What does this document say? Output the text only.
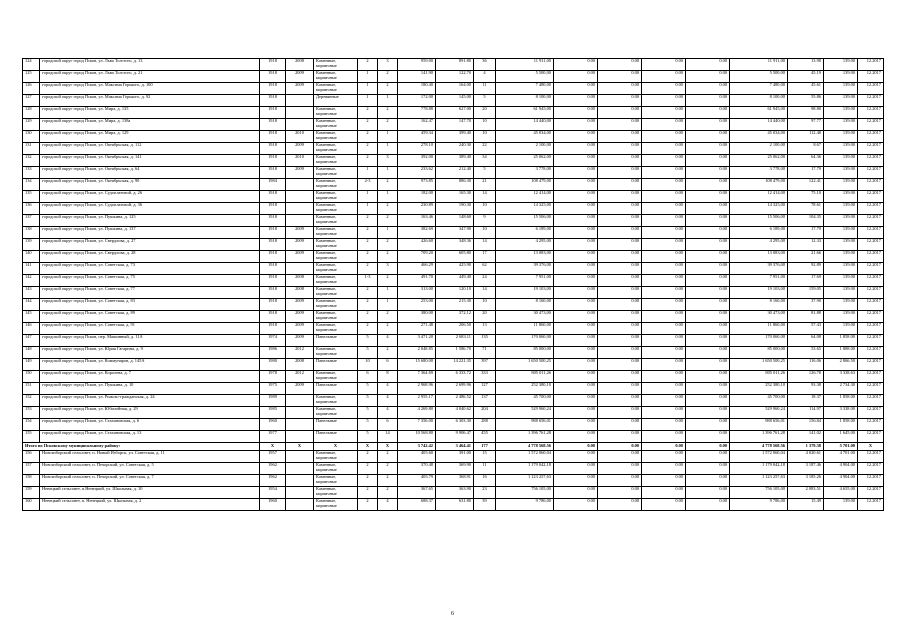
124	городской округ город Псков, ул. Льва Толстого, д. 13	1918	2008	Каменные, кирпичные	2	3	959.00	891.80	36	11 911,00	0.00	0.00	0.00	0.00	11 911,00	13.98	139.00	12.2017
125	городской округ город Псков, ул. Льва Толстого, д. 21	1918	2009	Каменные, кирпичные	1	2	141.90	122.70	4	5 500,00	0.00	0.00	0.00	0.00	5 500,00	45.19	139.00	12.2017
126	городской округ город Псков, ул. Максима Горького, д. 100	1918	2009	Каменные, кирпичные	1	2	180.40	164.00	11	7 480,00	0.00	0.00	0.00	0.00	7 480,00	45.61	139.00	12.2017
127	городской округ город Псков, ул. Максима Горького, д. 92	1918		Деревянные	1	1	172.00	145.00	5	8 100,00	0.00	0.00	0.00	0.00	8 100,00	55.86	139.00	12.2017
128	городской округ город Псков, ул. Мира, д. 135	1918		Каменные, кирпичные	2	2	778.88	627.00	20	61 945,00	0.00	0.00	0.00	0.00	61 945,00	98.80	139.00	12.2017
129	городской округ город Псков, ул. Мира, д. 138а	1918		Каменные, кирпичные	2	2	162.47	147.70	10	14 440,00	0.00	0.00	0.00	0.00	14 440,00	97.77	139.00	12.2017
130	городской округ город Псков, ул. Мира, д. 129	1918	2010	Каменные, кирпичные	2	1	459.34	399.40	10	45 034,00	0.00	0.00	0.00	0.00	45 034,00	112.48	139.00	12.2017
131	городской округ город Псков, ул. Октябрьская, д. 112	1918	2009	Каменные, кирпичные	2	1	278.10	240.30	22	2 100,00	0.00	0.00	0.00	0.00	2 100,00	8.67	139.00	12.2017
132	городской округ город Псков, ул. Октябрьская, д. 141	1918	2010	Каменные, кирпичные	2	3	392.00	389.40	34	25 062,00	0.00	0.00	0.00	0.00	25 062,00	64.36	139.00	12.2017
133	городской округ город Псков, ул. Октябрьская, д. 64	1918	2009	Каменные, кирпичные	1	1	233.62	212.40	5	3 778,00	0.00	0.00	0.00	0.00	3 778,00	17.79	139.00	12.2017
134	городской округ город Псков, ул. Октябрьская, д. 90	1984		Каменные, кирпичные	2-3	2	973.85	886.30	21	108 479,00	0.00	0.00	0.00	0.00	108 479,00	122.41	139.00	12.2017
135	городской округ город Псков, ул. Судоплатовой, д. 26	1918		Каменные, кирпичные	1	1	182.00	165.30	14	12 414,00	0.00	0.00	0.00	0.00	12 414,00	75.10	139.00	12.2017
136	городской округ город Псков, ул. Судоплатовой, д. 36	1918		Каменные, кирпичные	1	2	230.89	190.30	10	14 325,00	0.00	0.00	0.00	0.00	14 325,00	78.61	139.00	12.2017
137	городской округ город Псков, ул. Пушкина, д. 125	1918		Каменные, кирпичные	2	2	163.46	148.60	9	15 506,00	0.00	0.00	0.00	0.00	15 506,00	104.35	139.00	12.2017
138	городской округ город Псков, ул. Пушкина, д. 137	1918	2009	Каменные, кирпичные	2	1	382.69	347.90	10	6 189,00	0.00	0.00	0.00	0.00	6 189,00	17.79	139.00	12.2017
139	городской округ город Псков, ул. Свердлова, д. 27	1918	2009	Каменные, кирпичные	2	2	426.60	348.36	14	4 295,00	0.00	0.00	0.00	0.00	4 295,00	12.33	139.00	12.2017
140	городской округ город Псков, ул. Свердлова, д. 28	1918	2009	Каменные, кирпичные	2	2	709.20	605.80	17	13 083,00	0.00	0.00	0.00	0.00	13 083,00	21.66	139.00	12.2017
141	городской округ город Псков, ул. Советская, д. 73	1918		Каменные, кирпичные	2	3	466.29	425.90	62	39 376,00	0.00	0.00	0.00	0.00	39 376,00	92.89	139.00	12.2017
142	городской округ город Псков, ул. Советская, д. 75	1918	2008	Каменные, кирпичные	1-3	2	491.70	449.40	24	7 951,00	0.00	0.00	0.00	0.00	7 951,00	17.69	139.00	12.2017
143	городской округ город Псков, ул. Советская, д. 77	1918	2008	Каменные, кирпичные	2	1	313.00	120.10	14	19 103,00	0.00	0.00	0.00	0.00	19 103,00	159.05	139.00	12.2017
144	городской округ город Псков, ул. Советская, д. 83	1918	2009	Каменные, кирпичные	2	1	253.00	215.30	10	8 160,00	0.00	0.00	0.00	0.00	8 160,00	37.90	139.00	12.2017
145	городской округ город Псков, ул. Советская, д. 89	1918	2009	Каменные, кирпичные	2	2	380.00	372.12	20	30 473,00	0.00	0.00	0.00	0.00	30 473,00	81.88	139.00	12.2017
146	городской округ город Псков, ул. Советская, д. 91	1918	2009	Каменные, кирпичные	2	2	271.48	206.50	13	11 860,00	0.00	0.00	0.00	0.00	11 860,00	57.43	139.00	12.2017
147	городской округ город Псков, пер. Машинный, д. 11А	1974	2009	Панельные	5	4	3 471.20	2 683.11	135	170 060,00	0.00	0.00	0.00	0.00	170 060,00	64.08	1 858.00	12.2017
148	городской округ город Псков, ул. Юрия Гагарина, д. 9	1986	2012	Каменные, кирпичные	5	2	2 048.85	1 586.70	71	85 000,00	0.00	0.00	0.00	0.00	85 000,00	53.65	1 888.00	12.2017
149	городской округ город Псков, ул. Коммунаров, д. 145А	1980	2008	Панельные	10	6	15 680.00	14 221.35	397	1 650 500,25	0.00	0.00	0.00	0.00	1 650 500,25	116.06	2 866.50	12.2017
150	городской округ город Псков, ул. Королева, д. 7	1978	2012	Каменные, кирпичные	6	8	7 364.69	6 333.72	333	805 011,26	0.00	0.00	0.00	0.00	805 011,26	126.78	3 338.63	12.2017
151	городской округ город Псков, ул. Пушкина, д. 10	1975	2009	Панельные	5	4	2 968.96	2 699.96	127	252 380,10	0.00	0.00	0.00	0.00	252 380,10	93.38	2 734.30	12.2017
152	городской округ город Псков, ул. Рижско-гражданская, д. 24	1989		Каменные, кирпичные	5	4	2 955.17	2 486.52	137	45 700,00	0.00	0.00	0.00	0.00	45 700,00	18.37	1 858.00	12.2017
153	городской округ город Псков, ул. Юбилейная, д. 29	1985		Каменные, кирпичные	5	4	4 269.80	4 040.62	204	529 960,24	0.00	0.00	0.00	0.00	529 960,24	114.97	3 338.00	12.2017
154	городской округ город Псков, ул. Стахановская, д. 6	1960		Панельные	5	6	7 356.00	6 303.30	288	988 656,01	0.00	0.00	0.00	0.00	988 656,01	156.84	1 858.00	12.2017
155	городской округ город Псков, ул. Стахановская, д. 13	1977		Панельные	5	14	10 568.80	9 906.47	455	1 396 761,28	0.00	0.00	0.00	0.00	1 396 761,28	141.02	1 645.00	12.2017
Итого по Псковскому муниципальному району:		X	X	X	X	X	3 742.42	3 464.41	177	4 778 568.56	0.00	0.00	0.00	0.00	4 778 568.56	1 379.38	5 701.00	X
156	Новоизборский сельсовет, п. Новый Изборск, ул. Советская, д. 11	1957		Каменные, кирпичные	2	2	405.60	391.00	15	1 572 060,04	0.00	0.00	0.00	0.00	1 572 060,04	4 020.61	4 701.00	12.2017
157	Новоизборский сельсовет, п. Печорский, ул. Советская, д. 5	1962		Каменные, кирпичные	2	2	370.48	369.90	11	1 179 042,18	0.00	0.00	0.00	0.00	1 179 042,18	3 187.46	4 904.00	12.2017
158	Новоизборский сельсовет, п. Печорский, ул. Советская, д. 7	1962		Каменные, кирпичные	2	2	405.79	368.91	16	1 123 257,63	0.00	0.00	0.00	0.00	1 123 257,63	3 185.26	4 904.00	12.2017
159	Ненецкий сельсовет, п.Ненецкий, ул. Школьная, д. 10	1954		Каменные, кирпичные	2	2	367.65	363.90	23	756 105,00	0.00	0.00	0.00	0.00	756 105,00	2 083.51	4 655.00	12.2017
160	Ненецкий сельсовет, п. Ненецкий, ул. Школьная, д. 2	1960		Каменные, кирпичные	2	4	688.37	631.80	39	9 786,00	0.00	0.00	0.00	0.00	9 786,00	15.49	139.00	12.2017
6
